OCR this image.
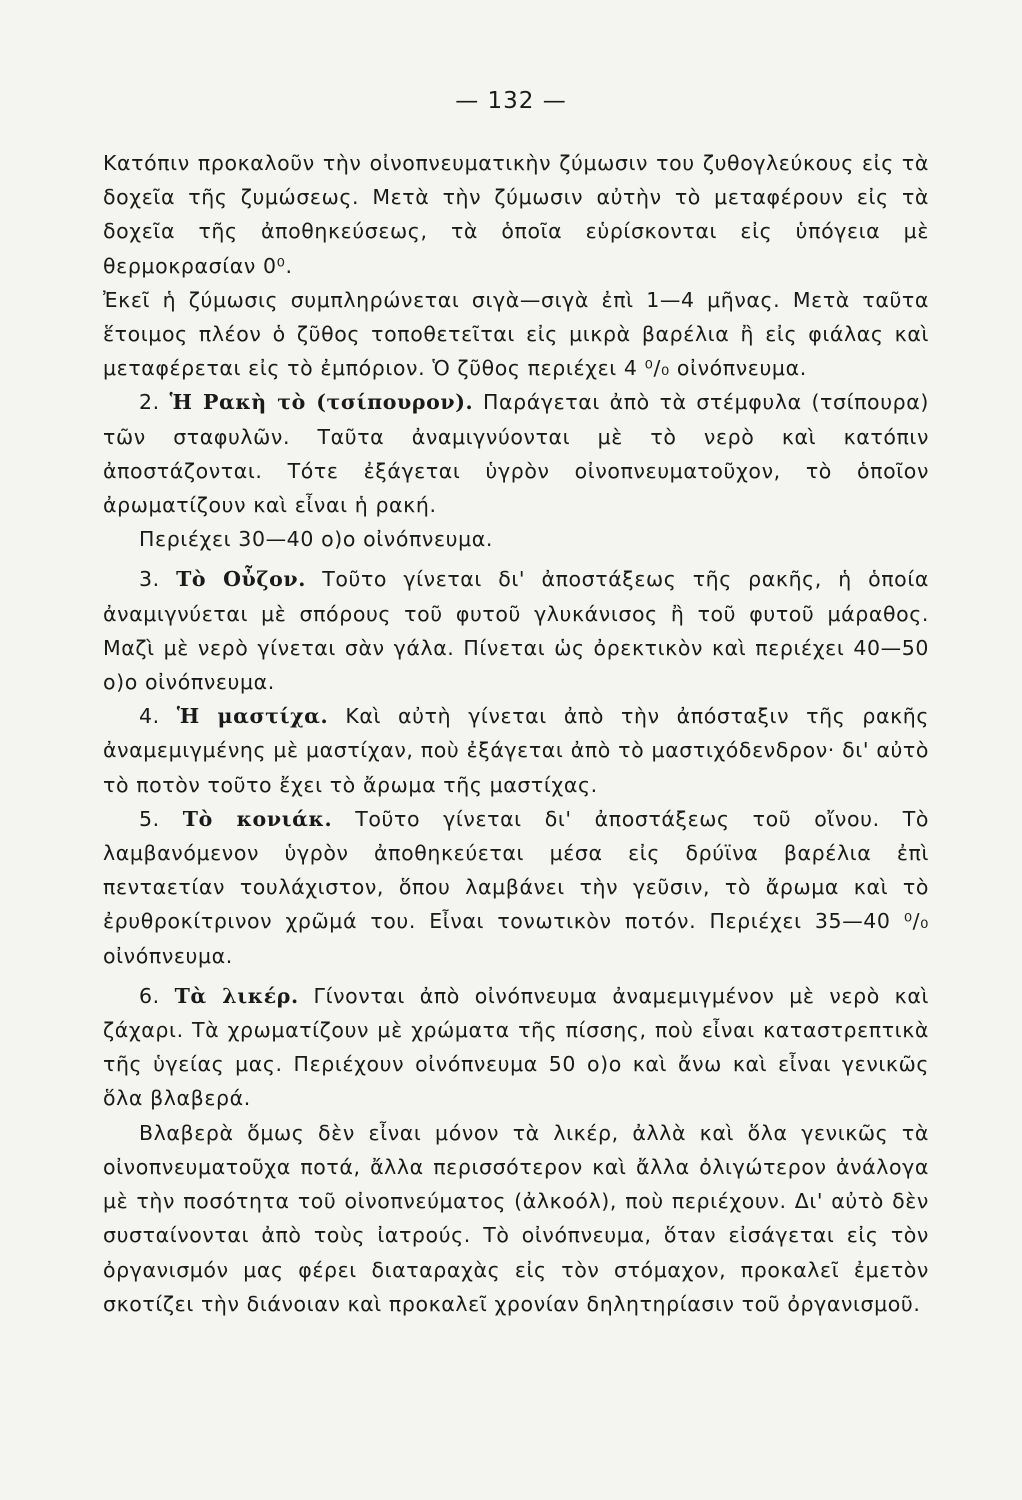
— 132 —

Κατόπιν προκαλοῦν τὴν οἰνοπνευματικὴν ζύμωσιν του ζυθογλεύκους εἰς τὰ δοχεῖα τῆς ζυμώσεως. Μετὰ τὴν ζύμωσιν αὐτὴν τὸ μεταφέρουν εἰς τὰ δοχεῖα τῆς ἀποθηκεύσεως, τὰ ὁποῖα εὑρίσκονται εἰς ὑπόγεια μὲ θερμοκρασίαν 0⁰.

Ἐκεῖ ἡ ζύμωσις συμπληρώνεται σιγὰ—σιγὰ ἐπὶ 1—4 μῆνας. Μετὰ ταῦτα ἕτοιμος πλέον ὁ ζῦθος τοποθετεῖται εἰς μικρὰ βαρέλια ἢ εἰς φιάλας καὶ μεταφέρεται εἰς τὸ ἐμπόριον. Ὁ ζῦθος περιέχει 4 ⁰/₀ οἰνόπνευμα.

2. Ἡ Ρακὴ τὸ (τσίπουρον). Παράγεται ἀπὸ τὰ στέμφυλα (τσίπουρα) τῶν σταφυλῶν. Ταῦτα ἀναμιγνύονται μὲ τὸ νερὸ καὶ κατόπιν ἀποστάζονται. Τότε ἐξάγεται ὑγρὸν οἰνοπνευματοῦχον, τὸ ὁποῖον ἀρωματίζουν καὶ εἶναι ἡ ρακή.

Περιέχει 30—40 ο)ο οἰνόπνευμα.

3. Τὸ Οὖζον. Τοῦτο γίνεται δι' ἀποστάξεως τῆς ρακῆς, ἡ ὁποία ἀναμιγνύεται μὲ σπόρους τοῦ φυτοῦ γλυκάνισος ἢ τοῦ φυτοῦ μάραθος. Μαζὶ μὲ νερὸ γίνεται σὰν γάλα. Πίνεται ὡς ὀρεκτικὸν καὶ περιέχει 40—50 ο)ο οἰνόπνευμα.

4. Ἡ μαστίχα. Καὶ αὐτὴ γίνεται ἀπὸ τὴν ἀπόσταξιν τῆς ρακῆς ἀναμεμιγμένης μὲ μαστίχαν, ποὺ ἐξάγεται ἀπὸ τὸ μαστιχόδενδρον· δι' αὐτὸ τὸ ποτὸν τοῦτο ἔχει τὸ ἄρωμα τῆς μαστίχας.

5. Τὸ κονιάκ. Τοῦτο γίνεται δι' ἀποστάξεως τοῦ οἴνου. Τὸ λαμβανόμενον ὑγρὸν ἀποθηκεύεται μέσα εἰς δρύϊνα βαρέλια ἐπὶ πενταετίαν τουλάχιστον, ὅπου λαμβάνει τὴν γεῦσιν, τὸ ἄρωμα καὶ τὸ ἐρυθροκίτρινον χρῶμά του. Εἶναι τονωτικὸν ποτόν. Περιέχει 35—40 ⁰/₀ οἰνόπνευμα.

6. Τὰ λικέρ. Γίνονται ἀπὸ οἰνόπνευμα ἀναμεμιγμένον μὲ νερὸ καὶ ζάχαρι. Τὰ χρωματίζουν μὲ χρώματα τῆς πίσσης, ποὺ εἶναι καταστρεπτικὰ τῆς ὑγείας μας. Περιέχουν οἰνόπνευμα 50 ο)ο καὶ ἄνω καὶ εἶναι γενικῶς ὅλα βλαβερά.

Βλαβερὰ ὅμως δὲν εἶναι μόνον τὰ λικέρ, ἀλλὰ καὶ ὅλα γενικῶς τὰ οἰνοπνευματοῦχα ποτά, ἄλλα περισσότερον καὶ ἄλλα ὀλιγώτερον ἀνάλογα μὲ τὴν ποσότητα τοῦ οἰνοπνεύματος (ἀλκοόλ), ποὺ περιέχουν. Δι' αὐτὸ δὲν συσταίνονται ἀπὸ τοὺς ἰατρούς. Τὸ οἰνόπνευμα, ὅταν εἰσάγεται εἰς τὸν ὀργανισμόν μας φέρει διαταραχὰς εἰς τὸν στόμαχον, προκαλεῖ ἐμετὸν σκοτίζει τὴν διάνοιαν καὶ προκαλεῖ χρονίαν δηλητηρίασιν τοῦ ὀργανισμοῦ.
